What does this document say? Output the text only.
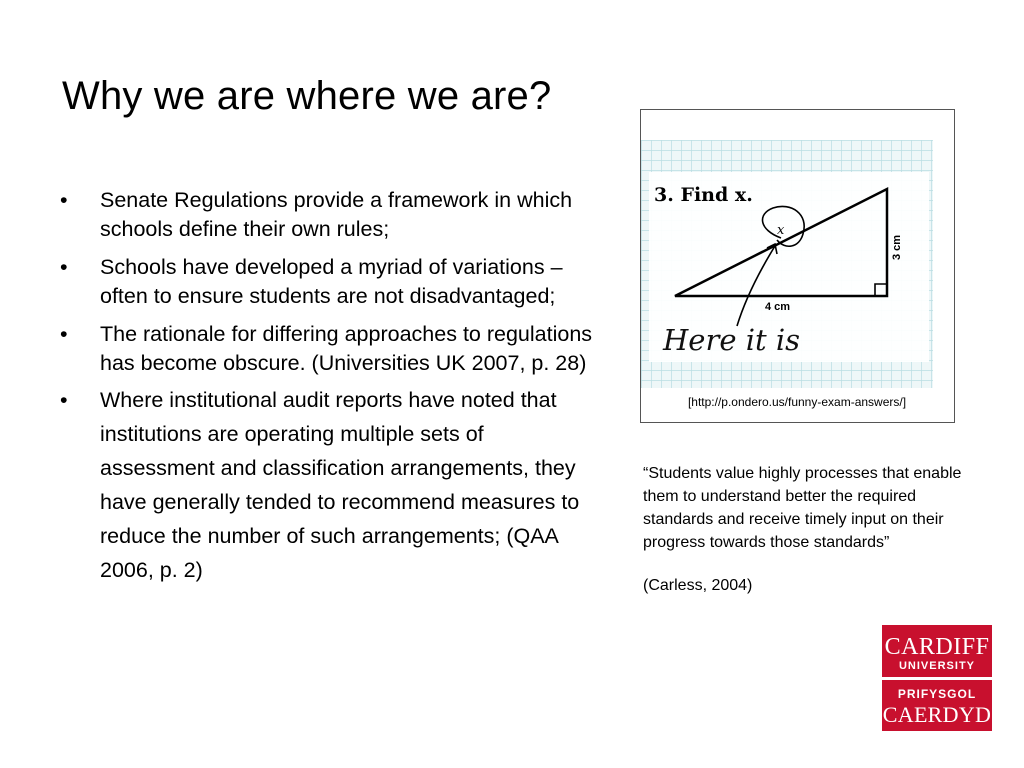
Why we are where we are?
• Senate Regulations provide a framework in which schools define their own rules;
• Schools have developed a myriad of variations – often to ensure students are not disadvantaged;
• The rationale for differing approaches to regulations has become obscure. (Universities UK 2007, p. 28)
• Where institutional audit reports have noted that institutions are operating multiple sets of assessment and classification arrangements, they have generally tended to recommend measures to reduce the number of such arrangements; (QAA 2006, p. 2)
3. Find x.
3 cm
4 cm
x
Here it is
[http://p.ondero.us/funny-exam-answers/]

“Students value highly processes that enable them to understand better the required standards and receive timely input on their progress towards those standards”

(Carless, 2004)

CARDIFF
UNIVERSITY
PRIFYSGOL
CAERDYD
